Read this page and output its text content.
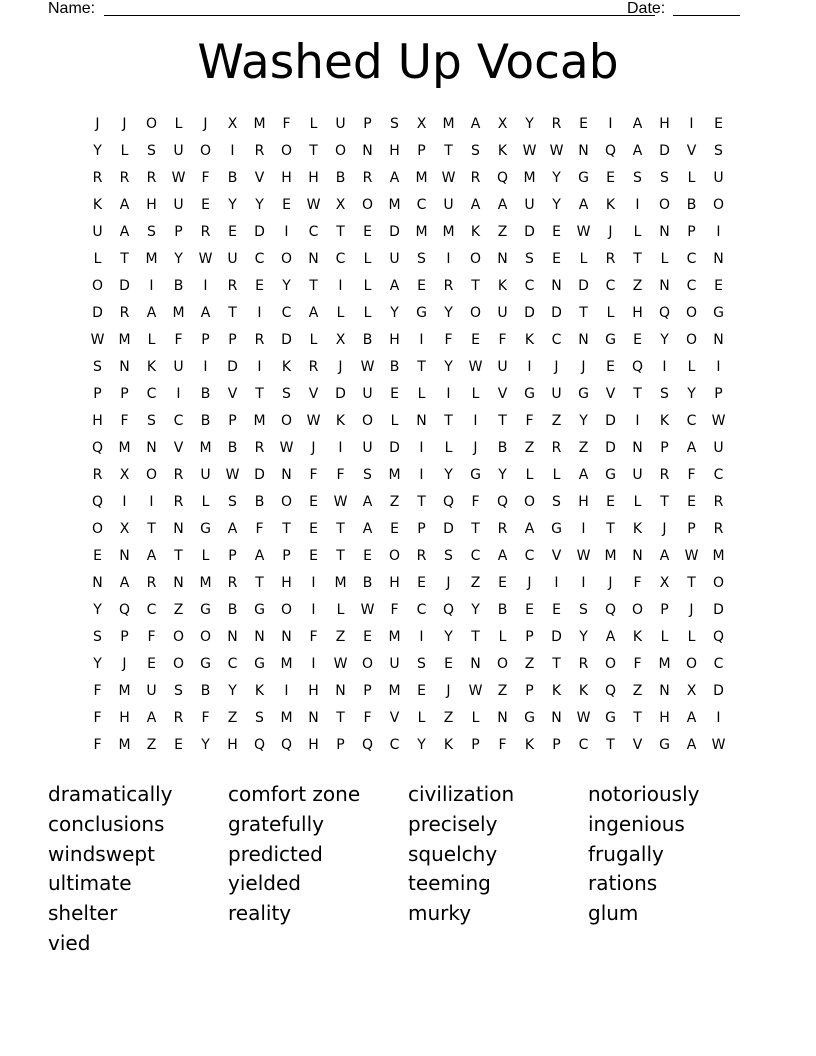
Name:	Date:
Washed Up Vocab
J	J	O	L	J	X	M	F	L	U	P	S	X	M	A	X	Y	R	E	I	A	H	I	E
Y	L	S	U	O	I	R	O	T	O	N	H	P	T	S	K	W W	N	Q	A	D	V	S
R	R	R	W	F	B	V	H	H	B	R	A	M	W	R	Q	M	Y	G	E	S	S	L	U
K	A	H	U	E	Y	Y	E	W	X	O	M	C	U	A	A	U	Y	A	K	I	O	B	O
U	A	S	P	R	E	D	I	C	T	E	D	M	M	K	Z	D	E	W	J	L	N	P	I
L	T	M	Y	W	U	C	O	N	C	L	U	S	I	O	N	S	E	L	R	T	L	C	N
O	D	I	B	I	R	E	Y	T	I	L	A	E	R	T	K	C	N	D	C	Z	N	C	E
D	R	A	M	A	T	I	C	A	L	L	Y	G	Y	O	U	D	D	T	L	H	Q	O	G
W	M	L	F	P	P	R	D	L	X	B	H	I	F	E	F	K	C	N	G	E	Y	O	N
S	N	K	U	I	D	I	K	R	J	W	B	T	Y	W	U	I	J	J	E	Q	I	L	I
P	P	C	I	B	V	T	S	V	D	U	E	L	I	L	V	G	U	G	V	T	S	Y	P
H	F	S	C	B	P	M	O	W	K	O	L	N	T	I	T	F	Z	Y	D	I	K	C	W
Q	M	N	V	M	B	R	W	J	I	U	D	I	L	J	B	Z	R	Z	D	N	P	A	U
R	X	O	R	U	W	D	N	F	F	S	M	I	Y	G	Y	L	L	A	G	U	R	F	C
Q	I	I	R	L	S	B	O	E	W	A	Z	T	Q	F	Q	O	S	H	E	L	T	E	R
O	X	T	N	G	A	F	T	E	T	A	E	P	D	T	R	A	G	I	T	K	J	P	R
E	N	A	T	L	P	A	P	E	T	E	O	R	S	C	A	C	V	W	M	N	A	W	M
N	A	R	N	M	R	T	H	I	M	B	H	E	J	Z	E	J	I	I	J	F	X	T	O
Y	Q	C	Z	G	B	G	O	I	L	W	F	C	Q	Y	B	E	E	S	Q	O	P	J	D
S	P	F	O	O	N	N	N	F	Z	E	M	I	Y	T	L	P	D	Y	A	K	L	L	Q
Y	J	E	O	G	C	G	M	I	W	O	U	S	E	N	O	Z	T	R	O	F	M	O	C
F	M	U	S	B	Y	K	I	H	N	P	M	E	J	W	Z	P	K	K	Q	Z	N	X	D
F	H	A	R	F	Z	S	M	N	T	F	V	L	Z	L	N	G	N	W	G	T	H	A	I
F	M	Z	E	Y	H	Q	Q	H	P	Q	C	Y	K	P	F	K	P	C	T	V	G	A	W
dramatically	comfort zone	civilization	notoriously
conclusions	gratefully	precisely	ingenious
windswept	predicted	squelchy	frugally
ultimate	yielded	teeming	rations
shelter	reality	murky	glum
vied
